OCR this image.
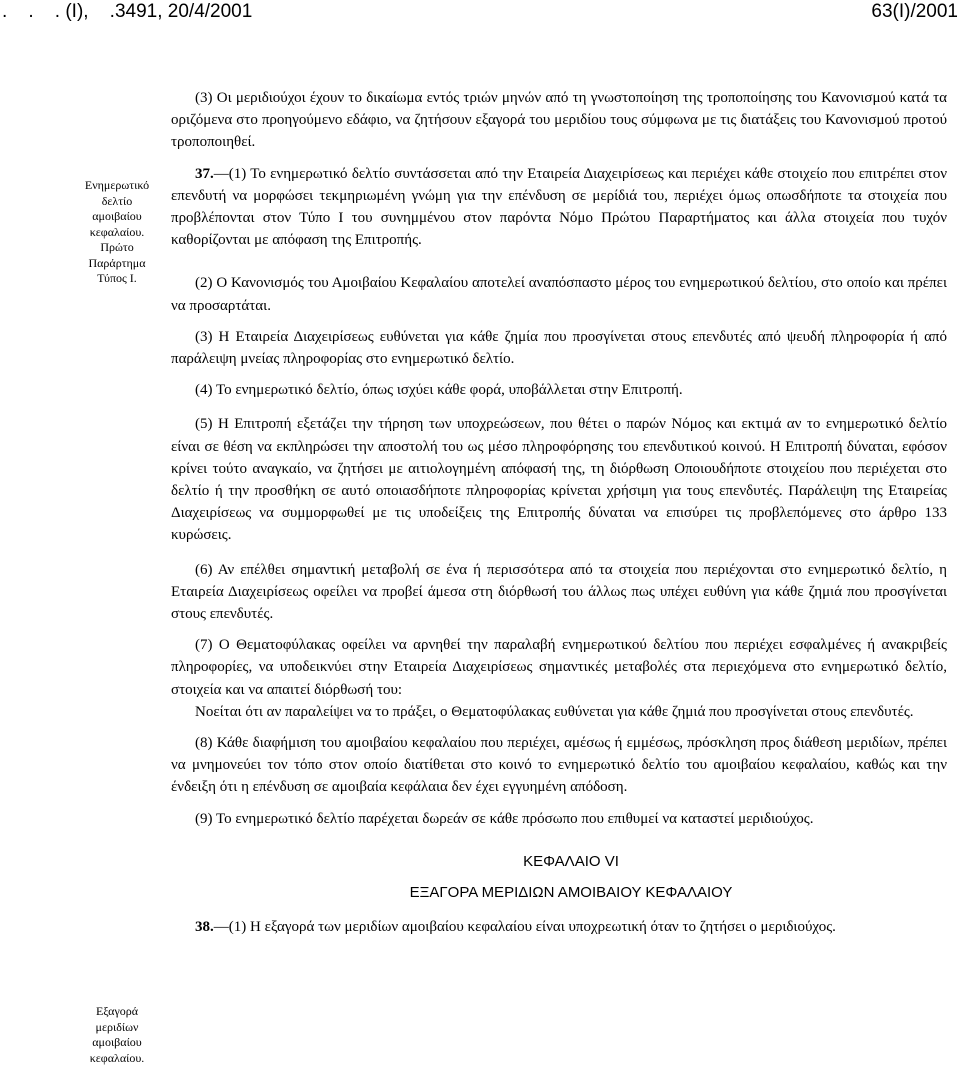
.    .    . (Ι),    .3491, 20/4/2001	63(Ι)/2001
Ενημερωτικό
δελτίο
αμοιβαίου
κεφαλαίου.
Πρώτο
Παράρτημα
Τύπος Ι.
Εξαγορά
μεριδίων
αμοιβαίου
κεφαλαίου.

(3) Οι μεριδιούχοι έχουν το δικαίωμα εντός τριών μηνών από τη γνωστοποίηση της τροποποίησης του Κανονισμού κατά τα οριζόμενα στο προηγούμενο εδάφιο, να ζητήσουν εξαγορά του μεριδίου τους σύμφωνα με τις διατάξεις του Κανονισμού προτού τροποποιηθεί.

37.—(1) Το ενημερωτικό δελτίο συντάσσεται από την Εταιρεία Διαχειρίσεως και περιέχει κάθε στοιχείο που επιτρέπει στον επενδυτή να μορφώσει τεκμηριωμένη γνώμη για την επένδυση σε μερίδιά του, περιέχει όμως οπωσδήποτε τα στοιχεία που προβλέπονται στον Τύπο Ι του συνημμένου στον παρόντα Νόμο Πρώτου Παραρτήματος και άλλα στοιχεία που τυχόν καθορίζονται με απόφαση της Επιτροπής.

(2) Ο Κανονισμός του Αμοιβαίου Κεφαλαίου αποτελεί αναπόσπαστο μέρος του ενημερωτικού δελτίου, στο οποίο και πρέπει να προσαρτάται.

(3) Η Εταιρεία Διαχειρίσεως ευθύνεται για κάθε ζημία που προσγίνεται στους επενδυτές από ψευδή πληροφορία ή από παράλειψη μνείας πληροφορίας στο ενημερωτικό δελτίο.

(4) Το ενημερωτικό δελτίο, όπως ισχύει κάθε φορά, υποβάλλεται στην Επιτροπή.

(5) Η Επιτροπή εξετάζει την τήρηση των υποχρεώσεων, που θέτει ο παρών Νόμος και εκτιμά αν το ενημερωτικό δελτίο είναι σε θέση να εκπληρώσει την αποστολή του ως μέσο πληροφόρησης του επενδυτικού κοινού. Η Επιτροπή δύναται, εφόσον κρίνει τούτο αναγκαίο, να ζητήσει με αιτιολογημένη απόφασή της, τη διόρθωση Οποιουδήποτε στοιχείου που περιέχεται στο δελτίο ή την προσθήκη σε αυτό οποιασδήποτε πληροφορίας κρίνεται χρήσιμη για τους επενδυτές. Παράλειψη της Εταιρείας Διαχειρίσεως να συμμορφωθεί με τις υποδείξεις της Επιτροπής δύναται να επισύρει τις προβλεπόμενες στο άρθρο 133 κυρώσεις.

(6) Αν επέλθει σημαντική μεταβολή σε ένα ή περισσότερα από τα στοιχεία που περιέχονται στο ενημερωτικό δελτίο, η Εταιρεία Διαχειρίσεως οφείλει να προβεί άμεσα στη διόρθωσή του άλλως πως υπέχει ευθύνη για κάθε ζημιά που προσγίνεται στους επενδυτές.

(7) Ο Θεματοφύλακας οφείλει να αρνηθεί την παραλαβή ενημερωτικού δελτίου που περιέχει εσφαλμένες ή ανακριβείς πληροφορίες, να υποδεικνύει στην Εταιρεία Διαχειρίσεως σημαντικές μεταβολές στα περιεχόμενα στο ενημερωτικό δελτίο, στοιχεία και να απαιτεί διόρθωσή του:

Νοείται ότι αν παραλείψει να το πράξει, ο Θεματοφύλακας ευθύνεται για κάθε ζημιά που προσγίνεται στους επενδυτές.

(8) Κάθε διαφήμιση του αμοιβαίου κεφαλαίου που περιέχει, αμέσως ή εμμέσως, πρόσκληση προς διάθεση μεριδίων, πρέπει να μνημονεύει τον τόπο στον οποίο διατίθεται στο κοινό το ενημερωτικό δελτίο του αμοιβαίου κεφαλαίου, καθώς και την ένδειξη ότι η επένδυση σε αμοιβαία κεφάλαια δεν έχει εγγυημένη απόδοση.

(9) Το ενημερωτικό δελτίο παρέχεται δωρεάν σε κάθε πρόσωπο που επιθυμεί να καταστεί μεριδιούχος.

ΚΕΦΑΛΑΙΟ VI

ΕΞΑΓΟΡΑ ΜΕΡΙΔΙΩΝ ΑΜΟΙΒΑΙΟΥ ΚΕΦΑΛΑΙΟΥ

38.—(1) Η εξαγορά των μεριδίων αμοιβαίου κεφαλαίου είναι υποχρεωτική όταν το ζητήσει ο μεριδιούχος.
